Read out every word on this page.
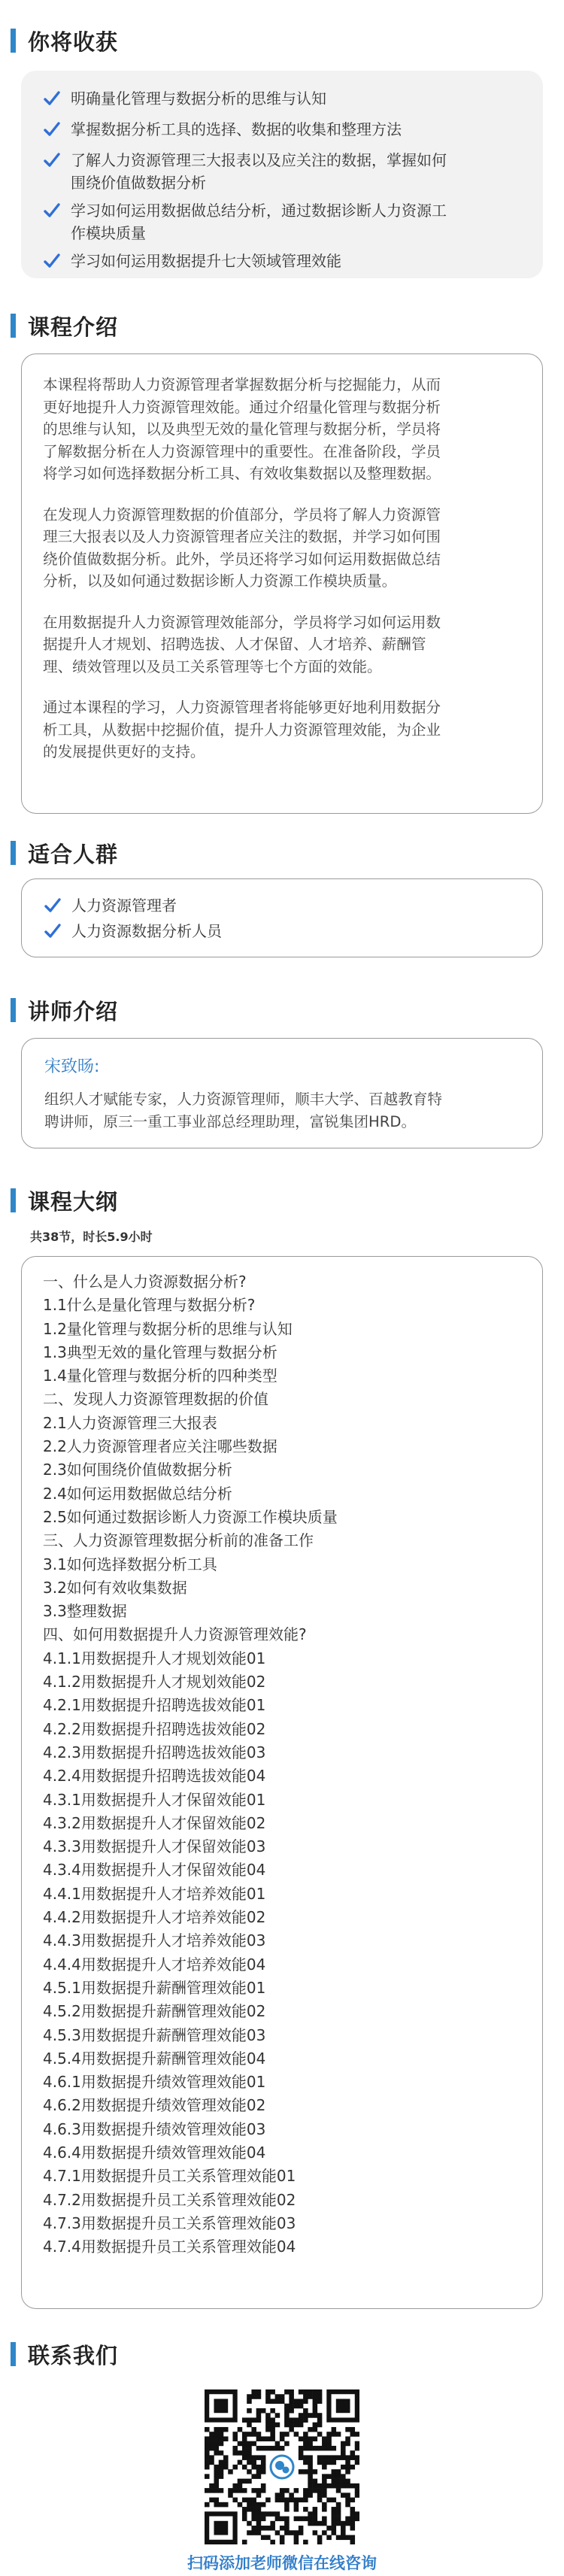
你将收获
明确量化管理与数据分析的思维与认知
掌握数据分析工具的选择、数据的收集和整理方法
了解人力资源管理三大报表以及应关注的数据，掌握如何
围绕价值做数据分析
学习如何运用数据做总结分析，通过数据诊断人力资源工
作模块质量
学习如何运用数据提升七大领域管理效能
课程介绍
本课程将帮助人力资源管理者掌握数据分析与挖掘能力，从而
更好地提升人力资源管理效能。通过介绍量化管理与数据分析
的思维与认知，以及典型无效的量化管理与数据分析，学员将
了解数据分析在人力资源管理中的重要性。在准备阶段，学员
将学习如何选择数据分析工具、有效收集数据以及整理数据。
在发现人力资源管理数据的价值部分，学员将了解人力资源管
理三大报表以及人力资源管理者应关注的数据，并学习如何围
绕价值做数据分析。此外，学员还将学习如何运用数据做总结
分析，以及如何通过数据诊断人力资源工作模块质量。
在用数据提升人力资源管理效能部分，学员将学习如何运用数
据提升人才规划、招聘选拔、人才保留、人才培养、薪酬管
理、绩效管理以及员工关系管理等七个方面的效能。
通过本课程的学习，人力资源管理者将能够更好地利用数据分
析工具，从数据中挖掘价值，提升人力资源管理效能，为企业
的发展提供更好的支持。
适合人群
人力资源管理者
人力资源数据分析人员
讲师介绍
宋致旸:
组织人才赋能专家，人力资源管理师，顺丰大学、百越教育特
聘讲师，原三一重工事业部总经理助理，富锐集团HRD。
课程大纲
共38节，时长5.9小时
一、什么是人力资源数据分析?
1.1什么是量化管理与数据分析?
1.2量化管理与数据分析的思维与认知
1.3典型无效的量化管理与数据分析
1.4量化管理与数据分析的四种类型
二、发现人力资源管理数据的价值
2.1人力资源管理三大报表
2.2人力资源管理者应关注哪些数据
2.3如何围绕价值做数据分析
2.4如何运用数据做总结分析
2.5如何通过数据诊断人力资源工作模块质量
三、人力资源管理数据分析前的准备工作
3.1如何选择数据分析工具
3.2如何有效收集数据
3.3整理数据
四、如何用数据提升人力资源管理效能?
4.1.1用数据提升人才规划效能01
4.1.2用数据提升人才规划效能02
4.2.1用数据提升招聘选拔效能01
4.2.2用数据提升招聘选拔效能02
4.2.3用数据提升招聘选拔效能03
4.2.4用数据提升招聘选拔效能04
4.3.1用数据提升人才保留效能01
4.3.2用数据提升人才保留效能02
4.3.3用数据提升人才保留效能03
4.3.4用数据提升人才保留效能04
4.4.1用数据提升人才培养效能01
4.4.2用数据提升人才培养效能02
4.4.3用数据提升人才培养效能03
4.4.4用数据提升人才培养效能04
4.5.1用数据提升薪酬管理效能01
4.5.2用数据提升薪酬管理效能02
4.5.3用数据提升薪酬管理效能03
4.5.4用数据提升薪酬管理效能04
4.6.1用数据提升绩效管理效能01
4.6.2用数据提升绩效管理效能02
4.6.3用数据提升绩效管理效能03
4.6.4用数据提升绩效管理效能04
4.7.1用数据提升员工关系管理效能01
4.7.2用数据提升员工关系管理效能02
4.7.3用数据提升员工关系管理效能03
4.7.4用数据提升员工关系管理效能04
联系我们
扫码添加老师微信在线咨询
